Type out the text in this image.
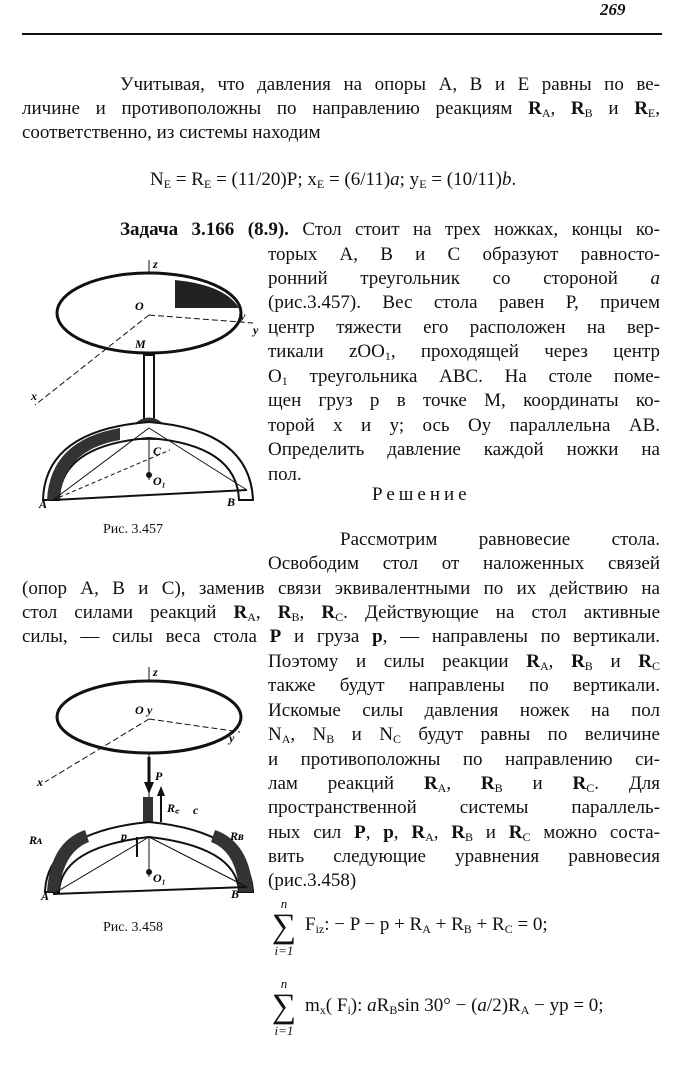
269
Учитывая, что давления на опоры А, В и Е равны по ве-
личине и противоположны по направлению реакциям $R_A$, $R_B$ и $R_E$,
соответственно, из системы находим
$N_E = R_E = (11/20)P$; $x_E = (6/11)a$; $y_E = (10/11)b$.
Задача 3.166 (8.9). Стол стоит на трех ножках, концы ко-
торых А, В и С образуют равносто-
ронний треугольник со стороной a
(рис.3.457). Вес стола равен Р, причем
центр тяжести его расположен на вер-
тикали zOO$_1$, проходящей через центр
$O_1$ треугольника ABC. На столе поме-
щен груз р в точке М, координаты ко-
торой х и у; ось Оу параллельна АВ.
Определить давление каждой ножки на
пол.
Рассмотрим равновесие стола.
Освободим стол от наложенных связей
(опор А, В и С), заменив связи эквивалентными по их действию на
стол силами реакций $R_A$, $R_B$, $R_C$. Действующие на стол активные
силы, — силы веса стола P и груза p, — направлены по вертикали.
Поэтому и силы реакции $R_A$, $R_B$ и $R_C$
также будут направлены по вертикали.
Искомые силы давления ножек на пол
$N_A$, $N_B$ и $N_C$ будут равны по величине
и противоположны по направлению си-
лам реакций $R_A$, $R_B$ и $R_C$. Для
пространственной системы параллель-
ных сил P, p, $R_A$, $R_B$ и $R_C$ можно соста-
вить следующие уравнения равновесия
(рис.3.458)
$F_{iz}$: − $P - p + R_A + R_B + R_C = 0$;
$m_x$( $F_i$): $aR_B\sin$ $30^\circ - (a/2)R_A$ − yp = 0;
Решение
Рис. 3.457
Рис. 3.458
n
∑
i=1
n
∑
i=1
z
y
y
x
O
M
C
O₁
A	B
z
y
y
x
O
P
R꜀ c
Rᴀ	Rʙ
p
O₁
A	B
